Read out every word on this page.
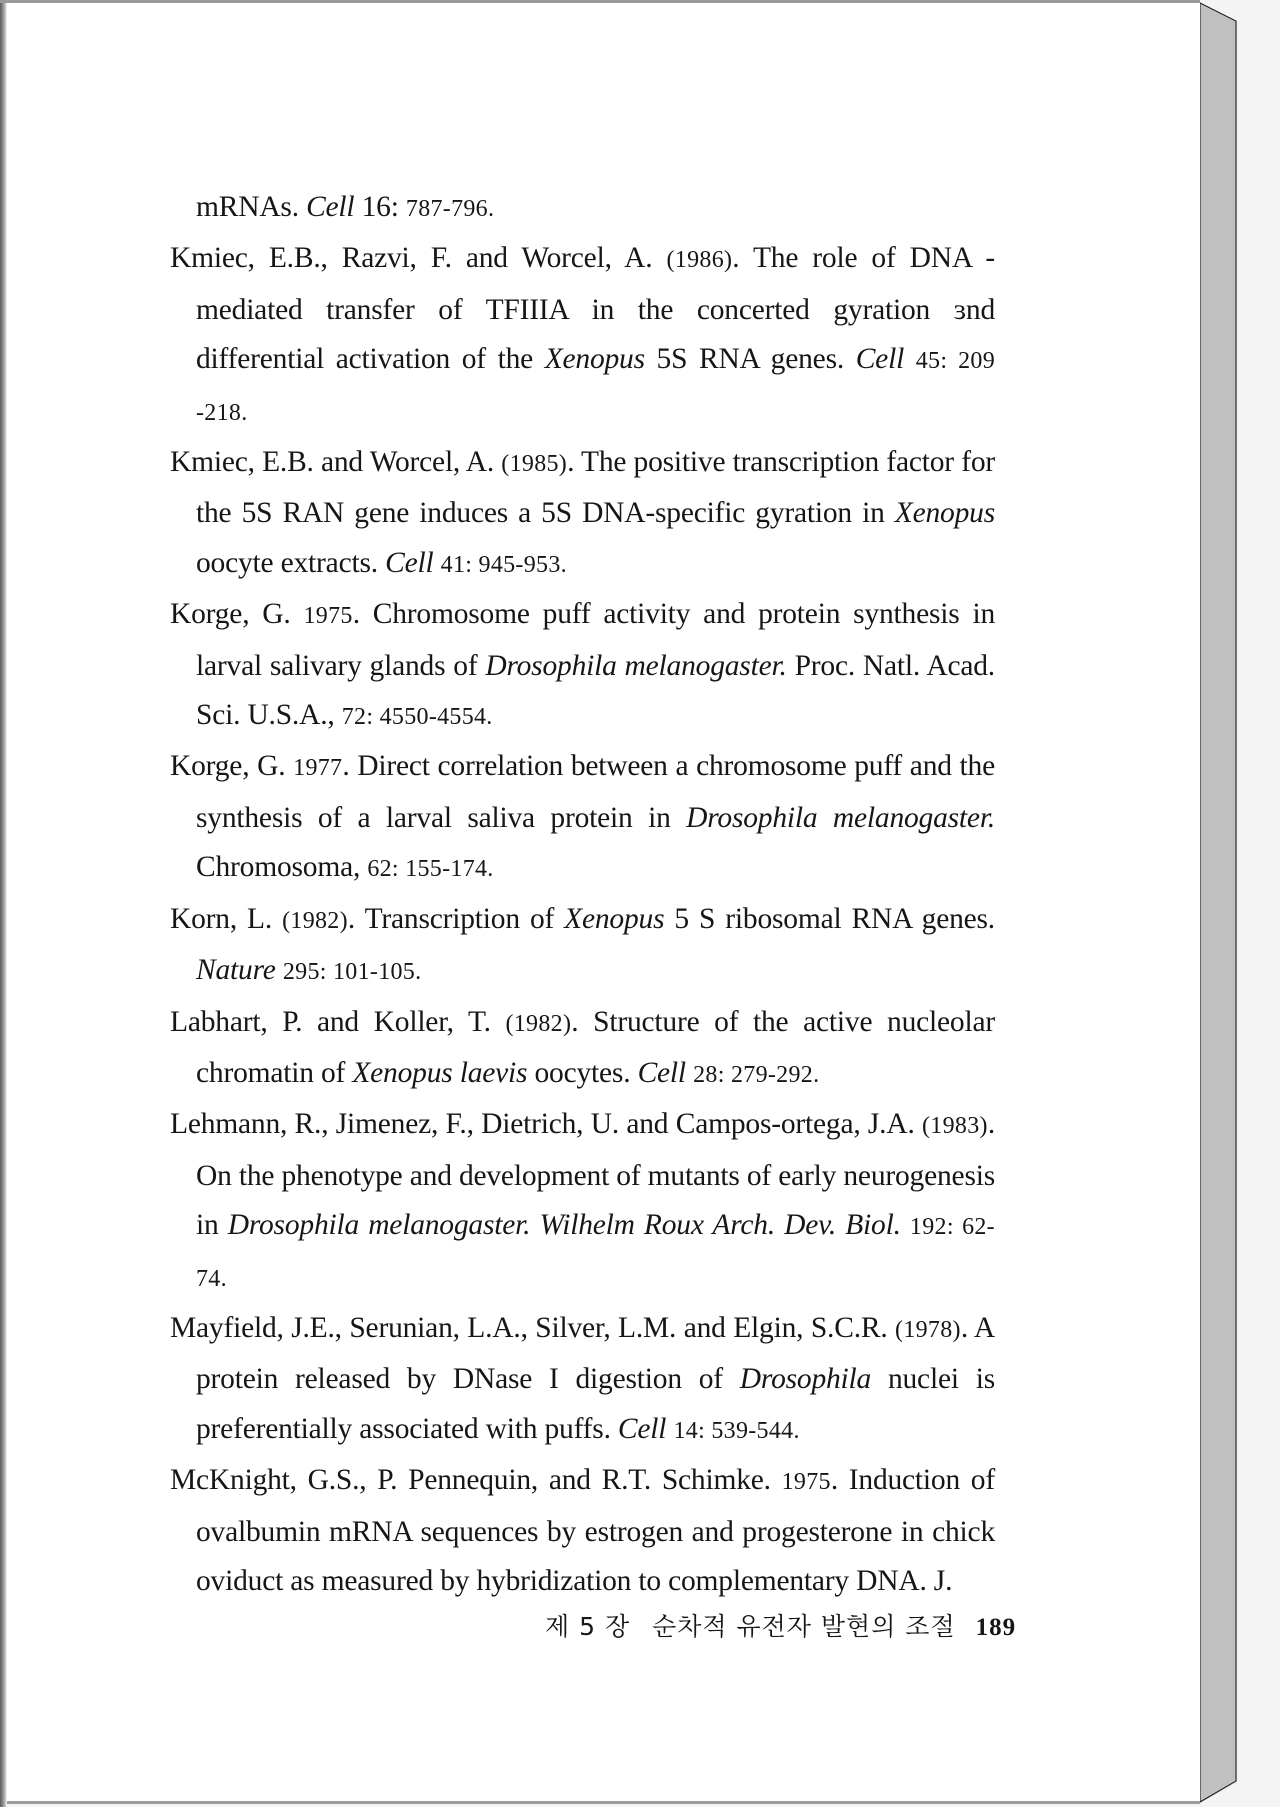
mRNAs. Cell 16: 787-796.
Kmiec, E.B., Razvi, F. and Worcel, A. (1986). The role of DNA -mediated transfer of TFIIIA in the concerted gyration ɜnd differential activation of the Xenopus 5S RNA genes. Cell 45: 209 -218.
Kmiec, E.B. and Worcel, A. (1985). The positive transcription factor for the 5S RAN gene induces a 5S DNA-specific gyration in Xenopus oocyte extracts. Cell 41: 945-953.
Korge, G. 1975. Chromosome puff activity and protein synthesis in larval salivary glands of Drosophila melanogaster. Proc. Natl. Acad. Sci. U.S.A., 72: 4550-4554.
Korge, G. 1977. Direct correlation between a chromosome puff and the synthesis of a larval saliva protein in Drosophila melanogaster. Chromosoma, 62: 155-174.
Korn, L. (1982). Transcription of Xenopus 5 S ribosomal RNA genes. Nature 295: 101-105.
Labhart, P. and Koller, T. (1982). Structure of the active nucleolar chromatin of Xenopus laevis oocytes. Cell 28: 279-292.
Lehmann, R., Jimenez, F., Dietrich, U. and Campos-ortega, J.A. (1983). On the phenotype and development of mutants of early neurogenesis in Drosophila melanogaster. Wilhelm Roux Arch. Dev. Biol. 192: 62-74.
Mayfield, J.E., Serunian, L.A., Silver, L.M. and Elgin, S.C.R. (1978). A protein released by DNase I digestion of Drosophila nuclei is preferentially associated with puffs. Cell 14: 539-544.
McKnight, G.S., P. Pennequin, and R.T. Schimke. 1975. Induction of ovalbumin mRNA sequences by estrogen and progesterone in chick oviduct as measured by hybridization to complementary DNA. J.
제 5 장 순차적 유전자 발현의 조절 189
